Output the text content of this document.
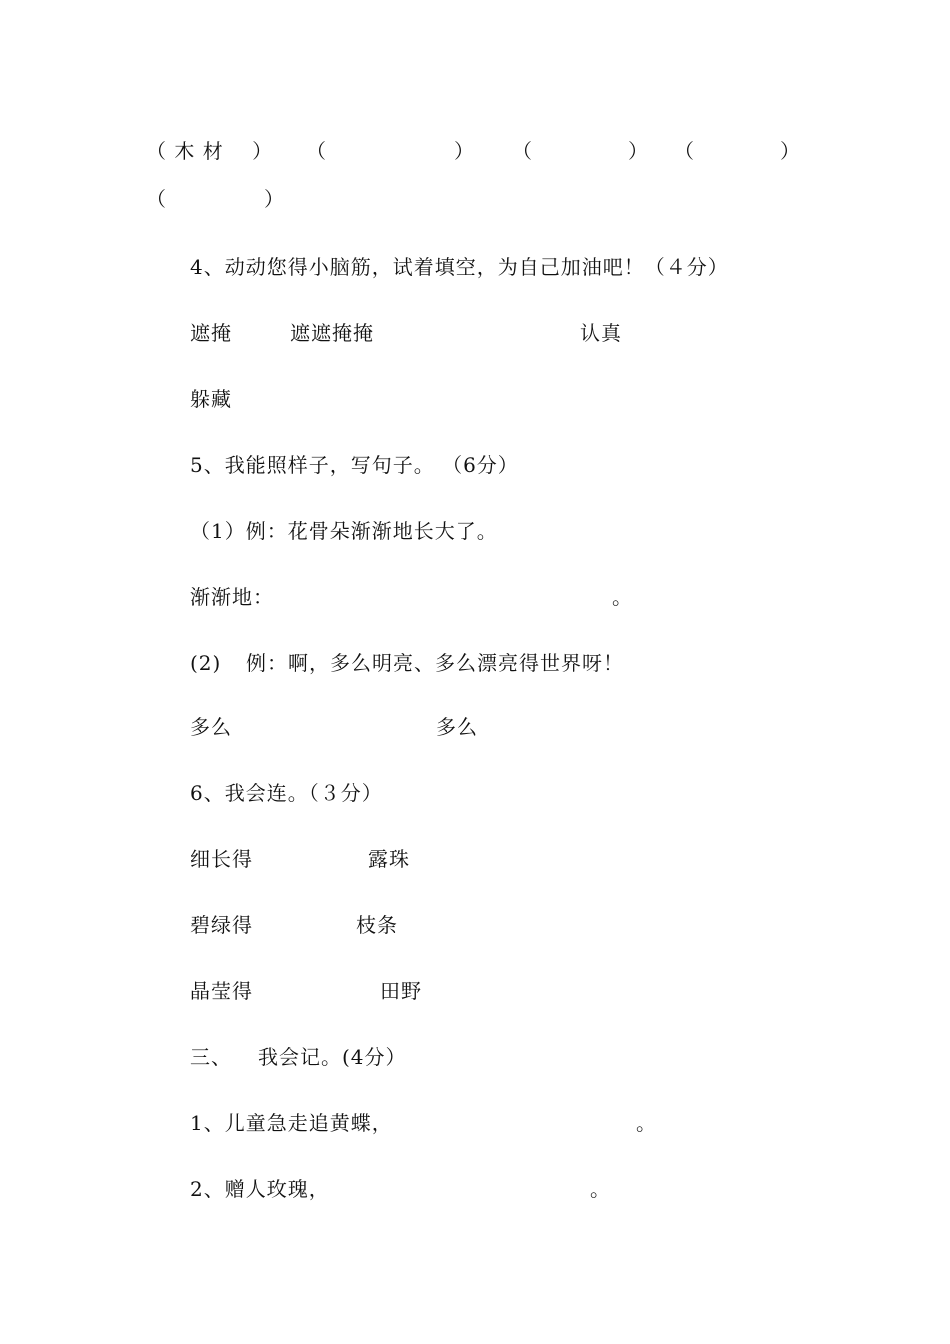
（ 木 材　 ） （	） （	） （	）
（	）
4、动动您得小脑筋，试着填空，为自己加油吧！（４分）
遮掩	遮遮掩掩	认真
躲藏
5、我能照样子，写句子。 （6分）
（1）例：花骨朵渐渐地长大了。
渐渐地：	。
(2) 例：啊，多么明亮、多么漂亮得世界呀！
多么	多么
6、我会连。（３分）
细长得	露珠
碧绿得	枝条
晶莹得	田野
三、 我会记。(4分）
1、儿童急走追黄蝶，	。
2、赠人玫瑰，	。
